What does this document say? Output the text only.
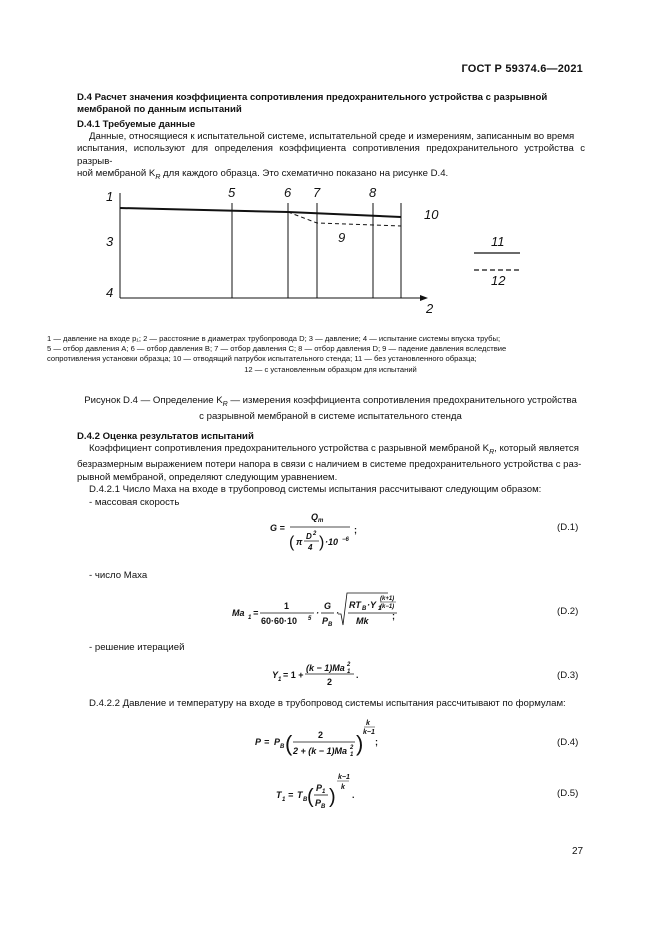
ГОСТ Р 59374.6—2021
D.4 Расчет значения коэффициента сопротивления предохранительного устройства с разрывной
мембраной по данным испытаний
D.4.1 Требуемые данные
Данные, относящиеся к испытательной системе, испытательной среде и измерениям, записанным во время
испытания, используют для определения коэффициента сопротивления предохранительного устройства с разрыв-
ной мембраной $K_R$ для каждого образца. Это схематично показано на рисунке D.4.
1
3
4
5	6 7	8
10
9
2
11
12
1 — давление на входе p₁; 2 — расстояние в диаметрах трубопровода D; 3 — давление; 4 — испытание системы впуска трубы;
5 — отбор давления A; 6 — отбор давления B; 7 — отбор давления C; 8 — отбор давления D; 9 — падение давления вследствие
сопротивления установки образца; 10 — отводящий патрубок испытательного стенда; 11 — без установленного образца;
12 — с установленным образцом для испытаний
Рисунок D.4 — Определение $K_R$ — измерения коэффициента сопротивления предохранительного устройства
с разрывной мембраной в системе испытательного стенда
D.4.2 Оценка результатов испытаний
Коэффициент сопротивления предохранительного устройства с разрывной мембраной $K_R$, который является
безразмерным выражением потери напора в связи с наличием в системе предохранительного устройства с раз-
рывной мембраной, определяют следующим уравнением.
D.4.2.1 Число Маха на входе в трубопровод системы испытания рассчитывают следующим образом:
- массовая скорость
G =
Q m
( π
D 2
4 ) ·10 −6
;	(D.1)
- число Маха
Ma 1 =
1
60·60·10 5
·
G
P B
·
RT B ·Y 1
(k+1)
(k−1)
Mk	;	(D.2)
- решение итерацией
Y 1 = 1 +
(k − 1)Ma 2
1
2
.	(D.3)
D.4.2.2 Давление и температуру на входе в трубопровод системы испытания рассчитывают по формулам:
P = P B (	2
2 + (k − 1)Ma 2
1 )
k
k−1
;	(D.4)
T 1 = T B ( P 1
P B )
k−1
k
.	(D.5)
27
